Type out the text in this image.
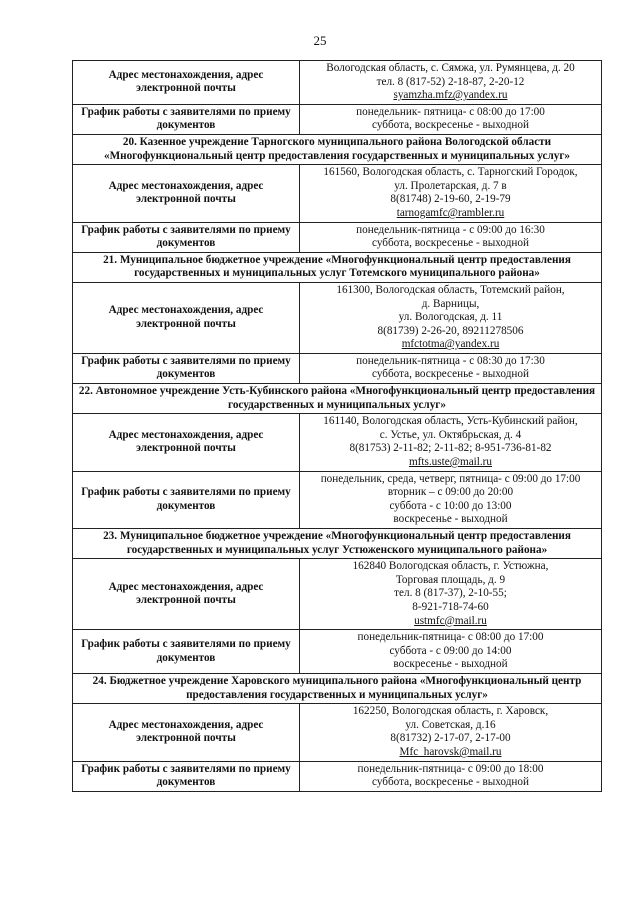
25
Адрес местонахождения, адрес электронной почты	Вологодская область, с. Сямжа, ул. Румянцева, д. 20
тел. 8 (817-52) 2-18-87, 2-20-12
syamzha.mfz@yandex.ru

График работы с заявителями по приему документов	понедельник- пятница- с 08:00 до 17:00
суббота, воскресенье - выходной

20. Казенное учреждение Тарногского муниципального района Вологодской области «Многофункциональный центр предоставления государственных и муниципальных услуг»	
Адрес местонахождения, адрес электронной почты	161560, Вологодская область, с. Тарногский Городок,
ул. Пролетарская, д. 7 в
8(81748) 2-19-60, 2-19-79
tarnogamfc@rambler.ru

График работы с заявителями по приему документов	понедельник-пятница - с 09:00 до 16:30
суббота, воскресенье - выходной

21. Муниципальное бюджетное учреждение «Многофункциональный центр предоставления государственных и муниципальных услуг Тотемского муниципального района»	
Адрес местонахождения, адрес электронной почты	161300, Вологодская область, Тотемский район,
д. Варницы,
ул. Вологодская, д. 11
8(81739) 2-26-20, 89211278506
mfctotma@yandex.ru

График работы с заявителями по приему документов	понедельник-пятница - с 08:30 до 17:30
суббота, воскресенье - выходной

22. Автономное учреждение Усть-Кубинского района «Многофункциональный центр предоставления государственных и муниципальных услуг»	
Адрес местонахождения, адрес электронной почты	161140, Вологодская область, Усть-Кубинский район,
с. Устье, ул. Октябрьская, д. 4
8(81753) 2-11-82; 2-11-82; 8-951-736-81-82
mfts.uste@mail.ru

График работы с заявителями по приему документов	понедельник, среда, четверг, пятница- с 09:00 до 17:00
вторник – с 09:00 до 20:00
суббота - с 10:00 до 13:00
воскресенье - выходной

23. Муниципальное бюджетное учреждение «Многофункциональный центр предоставления государственных и муниципальных услуг Устюженского муниципального района»	
Адрес местонахождения, адрес электронной почты	162840 Вологодская область, г. Устюжна,
Торговая площадь, д. 9
тел. 8 (817-37), 2-10-55;
8-921-718-74-60
ustmfc@mail.ru

График работы с заявителями по приему документов	понедельник-пятница- с 08:00 до 17:00
суббота - с 09:00 до 14:00
воскресенье - выходной

24. Бюджетное учреждение Харовского муниципального района «Многофункциональный центр предоставления государственных и муниципальных услуг»	
Адрес местонахождения, адрес электронной почты	162250, Вологодская область, г. Харовск,
ул. Советская, д.16
8(81732) 2-17-07, 2-17-00
Mfc_harovsk@mail.ru

График работы с заявителями по приему документов	понедельник-пятница- с 09:00 до 18:00
суббота, воскресенье - выходной
